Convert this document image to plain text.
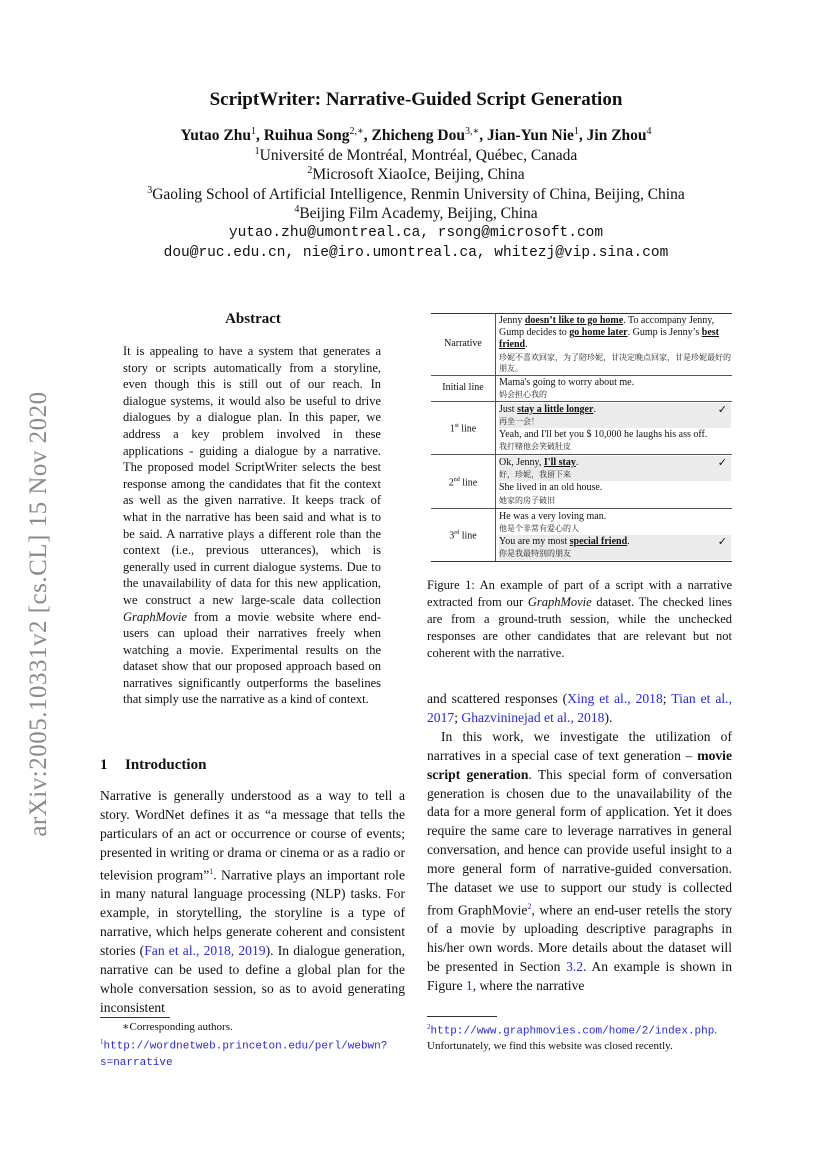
arXiv:2005.10331v2 [cs.CL] 15 Nov 2020
ScriptWriter: Narrative-Guided Script Generation
Yutao Zhu$^1$, Ruihua Song$^{2,∗}$, Zhicheng Dou$^{3,∗}$, Jian-Yun Nie$^1$, Jin Zhou$^4$
$^1$Université de Montréal, Montréal, Québec, Canada
$^2$Microsoft XiaoIce, Beijing, China
$^3$Gaoling School of Artificial Intelligence, Renmin University of China, Beijing, China
$^4$Beijing Film Academy, Beijing, China
yutao.zhu@umontreal.ca, rsong@microsoft.com
dou@ruc.edu.cn, nie@iro.umontreal.ca, whitezj@vip.sina.com
Abstract
It is appealing to have a system that generates a story or scripts automatically from a storyline, even though this is still out of our reach. In dialogue systems, it would also be useful to drive dialogues by a dialogue plan. In this paper, we address a key problem involved in these applications - guiding a dialogue by a narrative. The proposed model ScriptWriter selects the best response among the candidates that fit the context as well as the given narrative. It keeps track of what in the narrative has been said and what is to be said. A narrative plays a different role than the context (i.e., previous utterances), which is generally used in current dialogue systems. Due to the unavailability of data for this new application, we construct a new large-scale data collection GraphMovie from a movie website where end-users can upload their narratives freely when watching a movie. Experimental results on the dataset show that our proposed approach based on narratives significantly outperforms the baselines that simply use the narrative as a kind of context.
1 Introduction
Narrative is generally understood as a way to tell a story. WordNet defines it as “a message that tells the particulars of an act or occurrence or course of events; presented in writing or drama or cinema or as a radio or television program”$^1$. Narrative plays an important role in many natural language processing (NLP) tasks. For example, in storytelling, the storyline is a type of narrative, which helps generate coherent and consistent stories (Fan et al., 2018, 2019). In dialogue generation, narrative can be used to define a global plan for the whole conversation session, so as to avoid generating inconsistent
∗Corresponding authors.
$^1$http://wordnetweb.princeton.edu/perl/webwn?s=narrative
Narrative	Jenny doesn’t like to go home. To accompany Jenny, Gump decides to go home later. Gump is Jenny’s best friend.
珍妮不喜欢回家，为了陪珍妮，甘决定晚点回家，甘是珍妮最好的朋友。

Initial line	Mama's going to worry about me.
妈会担心我的

1st line	Just stay a little longer.
再坐一会！
✓
Yeah, and I'll bet you $ 10,000 he laughs his ass off.
我打赌他会笑破肚皮

2nd line	Ok, Jenny, I'll stay.
好，珍妮，我留下来
✓
She lived in an old house.
她家的房子破旧

3rd line	He was a very loving man.
他是个非常有爱心的人
You are my most special friend.
你是我最特别的朋友
✓
Figure 1: An example of part of a script with a narrative extracted from our GraphMovie dataset. The checked lines are from a ground-truth session, while the unchecked responses are other candidates that are relevant but not coherent with the narrative.

and scattered responses (Xing et al., 2018; Tian et al., 2017; Ghazvininejad et al., 2018).

In this work, we investigate the utilization of narratives in a special case of text generation – movie script generation. This special form of conversation generation is chosen due to the unavailability of the data for a more general form of application. Yet it does require the same care to leverage narratives in general conversation, and hence can provide useful insight to a more general form of narrative-guided conversation. The dataset we use to support our study is collected from GraphMovie$^2$, where an end-user retells the story of a movie by uploading descriptive paragraphs in his/her own words. More details about the dataset will be presented in Section 3.2. An example is shown in Figure 1, where the narrative

$^2$http://www.graphmovies.com/home/2/index.php. Unfortunately, we find this website was closed recently.
